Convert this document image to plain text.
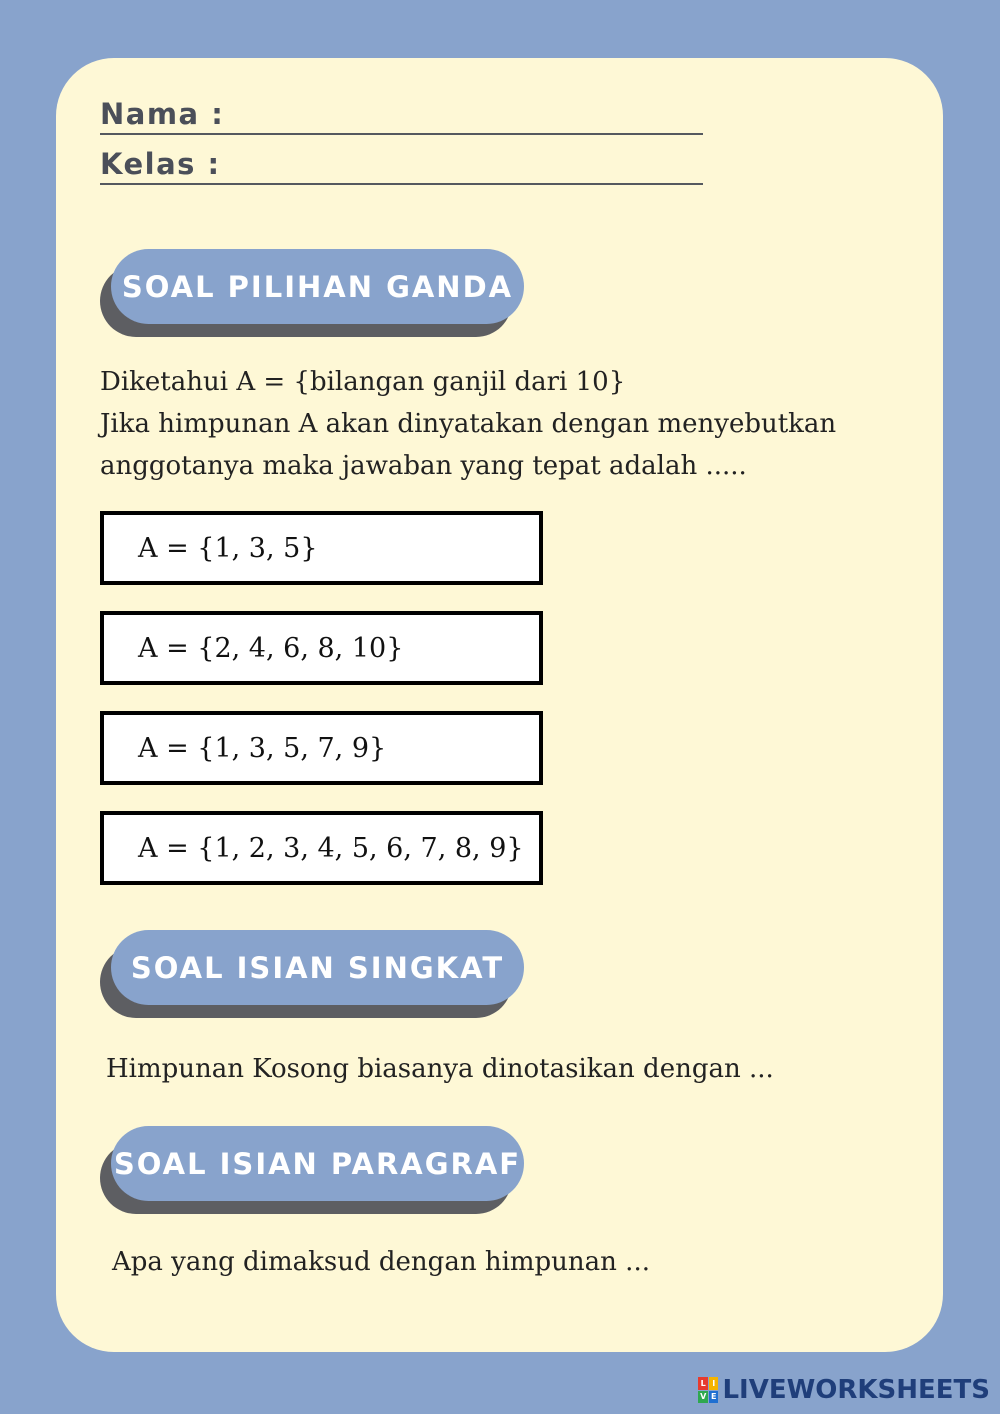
Nama :
Kelas :
SOAL PILIHAN GANDA
Diketahui A = {bilangan ganjil dari 10}
Jika himpunan A akan dinyatakan dengan menyebutkan
anggotanya maka jawaban yang tepat adalah .....
A = {1, 3, 5}
A = {2, 4, 6, 8, 10}
A = {1, 3, 5, 7, 9}
A = {1, 2, 3, 4, 5, 6, 7, 8, 9}
SOAL ISIAN SINGKAT
Himpunan Kosong biasanya dinotasikan dengan ...
SOAL ISIAN PARAGRAF
Apa yang dimaksud dengan himpunan ...
L I
V E LIVEWORKSHEETS
